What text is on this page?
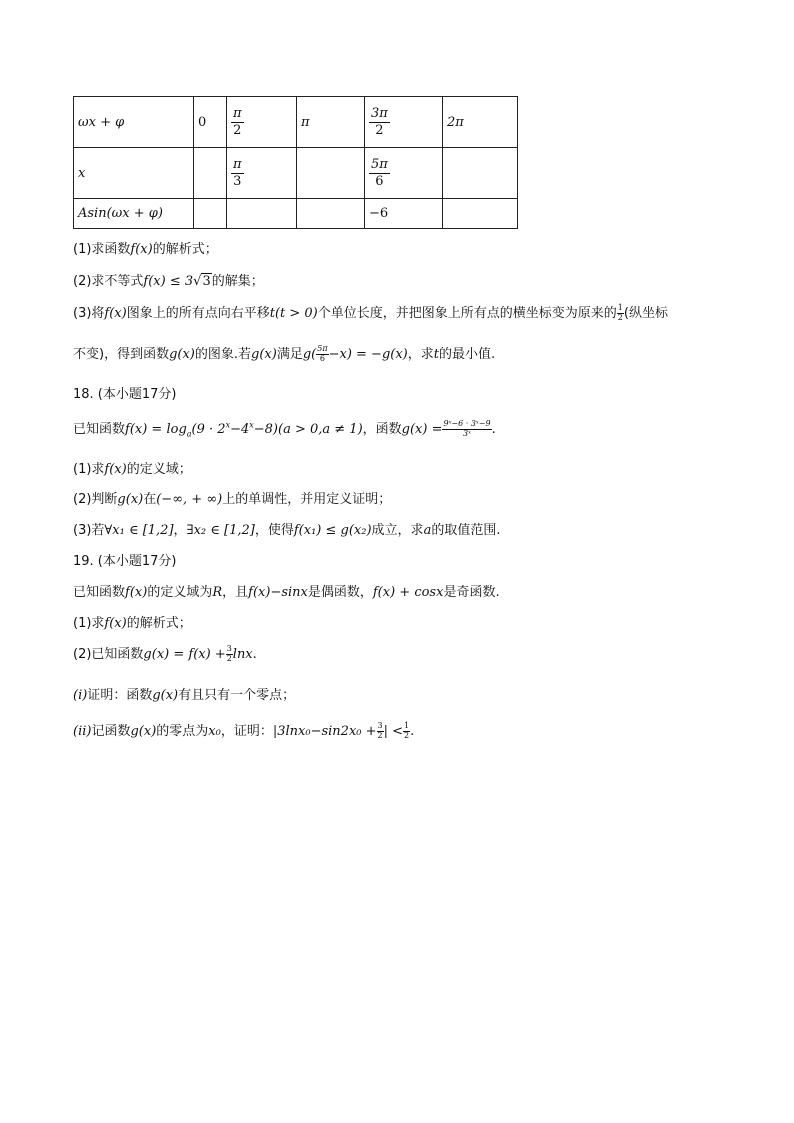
ωx + φ	0	$\frac{\pi}{2}$	π	$\frac{3\pi}{2}$	2π
x		$\frac{\pi}{3}$		$\frac{5\pi}{6}$

Asin(ωx + φ)				−6	
(1)求函数f(x)的解析式；
(2)求不等式f(x) ≤ 3√3的解集；
(3)将f(x)图象上的所有点向右平移t(t > 0)个单位长度，并把图象上所有点的横坐标变为原来的 $\frac{1}{2}$ (纵坐标
不变)，得到函数g(x)的图象.若g(x)满足$g( \frac{5\pi}{6} -x) = -g(x)$，求t的最小值.
18. (本小题17分)
已知函数$f(x) = \log_a(9 \cdot 2^x-4^x-8)(a > 0,a \ne 1)$，函数$g(x) = \frac{\text{9ˣ−6 · 3ˣ−9}}{\text{3ˣ}}$ .
(1)求f(x)的定义域；
(2)判断g(x)在(−∞, + ∞)上的单调性，并用定义证明；
(3)若∀x₁ ∈ [1,2]，∃x₂ ∈ [1,2]，使得f(x₁) ≤ g(x₂)成立，求a的取值范围.
19. (本小题17分)
已知函数f(x)的定义域为R，且f(x)−sinx是偶函数，f(x) + cosx是奇函数.
(1)求f(x)的解析式；
(2)已知函数$g(x) = f(x) + \frac{3}{2} \ln x$.
(i)证明：函数g(x)有且只有一个零点；
(ii)记函数g(x)的零点为x₀，证明：$|3\ln x_0-\sin 2x_0 + \frac{3}{2}$ | < $\frac{1}{2}$ .
